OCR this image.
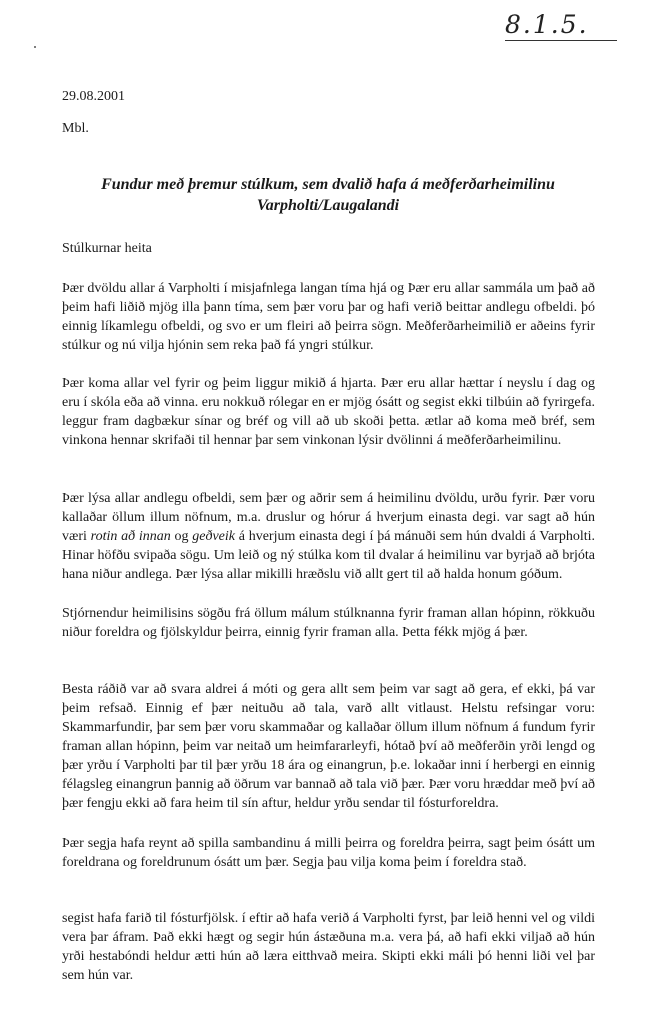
8.1.5.
29.08.2001
Mbl.
Fundur með þremur stúlkum, sem dvalið hafa á meðferðarheimilinu Varpholti/Laugalandi
Stúlkurnar heita
Þær dvöldu allar á Varpholti í misjafnlega langan tíma hjá og Þær eru allar sammála um það að þeim hafi liðið mjög illa þann tíma, sem þær voru þar og hafi verið beittar andlegu ofbeldi. þó einnig líkamlegu ofbeldi, og svo er um fleiri að þeirra sögn. Meðferðarheimilið er aðeins fyrir stúlkur og nú vilja hjónin sem reka það fá yngri stúlkur.
Þær koma allar vel fyrir og þeim liggur mikið á hjarta. Þær eru allar hættar í neyslu í dag og eru í skóla eða að vinna. eru nokkuð rólegar en er mjög ósátt og segist ekki tilbúin að fyrirgefa. leggur fram dagbækur sínar og bréf og vill að ub skoði þetta. ætlar að koma með bréf, sem vinkona hennar skrifaði til hennar þar sem vinkonan lýsir dvölinni á meðferðarheimilinu.
Þær lýsa allar andlegu ofbeldi, sem þær og aðrir sem á heimilinu dvöldu, urðu fyrir. Þær voru kallaðar öllum illum nöfnum, m.a. druslur og hórur á hverjum einasta degi. var sagt að hún væri rotin að innan og geðveik á hverjum einasta degi í þá mánuði sem hún dvaldi á Varpholti. Hinar höfðu svipaða sögu. Um leið og ný stúlka kom til dvalar á heimilinu var byrjað að brjóta hana niður andlega. Þær lýsa allar mikilli hræðslu við allt gert til að halda honum góðum.
Stjórnendur heimilisins sögðu frá öllum málum stúlknanna fyrir framan allan hópinn, rökkuðu niður foreldra og fjölskyldur þeirra, einnig fyrir framan alla. Þetta fékk mjög á þær.
Besta ráðið var að svara aldrei á móti og gera allt sem þeim var sagt að gera, ef ekki, þá var þeim refsað. Einnig ef þær neituðu að tala, varð allt vitlaust. Helstu refsingar voru: Skammarfundir, þar sem þær voru skammaðar og kallaðar öllum illum nöfnum á fundum fyrir framan allan hópinn, þeim var neitað um heimfararleyfi, hótað því að meðferðin yrði lengd og þær yrðu í Varpholti þar til þær yrðu 18 ára og einangrun, þ.e. lokaðar inni í herbergi en einnig félagsleg einangrun þannig að öðrum var bannað að tala við þær. Þær voru hræddar með því að þær fengju ekki að fara heim til sín aftur, heldur yrðu sendar til fósturforeldra.
Þær segja hafa reynt að spilla sambandinu á milli þeirra og foreldra þeirra, sagt þeim ósátt um foreldrana og foreldrunum ósátt um þær. Segja þau vilja koma þeim í foreldra stað.
segist hafa farið til fósturfjölsk. í eftir að hafa verið á Varpholti fyrst, þar leið henni vel og vildi vera þar áfram. Það ekki hægt og segir hún ástæðuna m.a. vera þá, að hafi ekki viljað að hún yrði hestabóndi heldur ætti hún að læra eitthvað meira. Skipti ekki máli þó henni liði vel þar sem hún var.
